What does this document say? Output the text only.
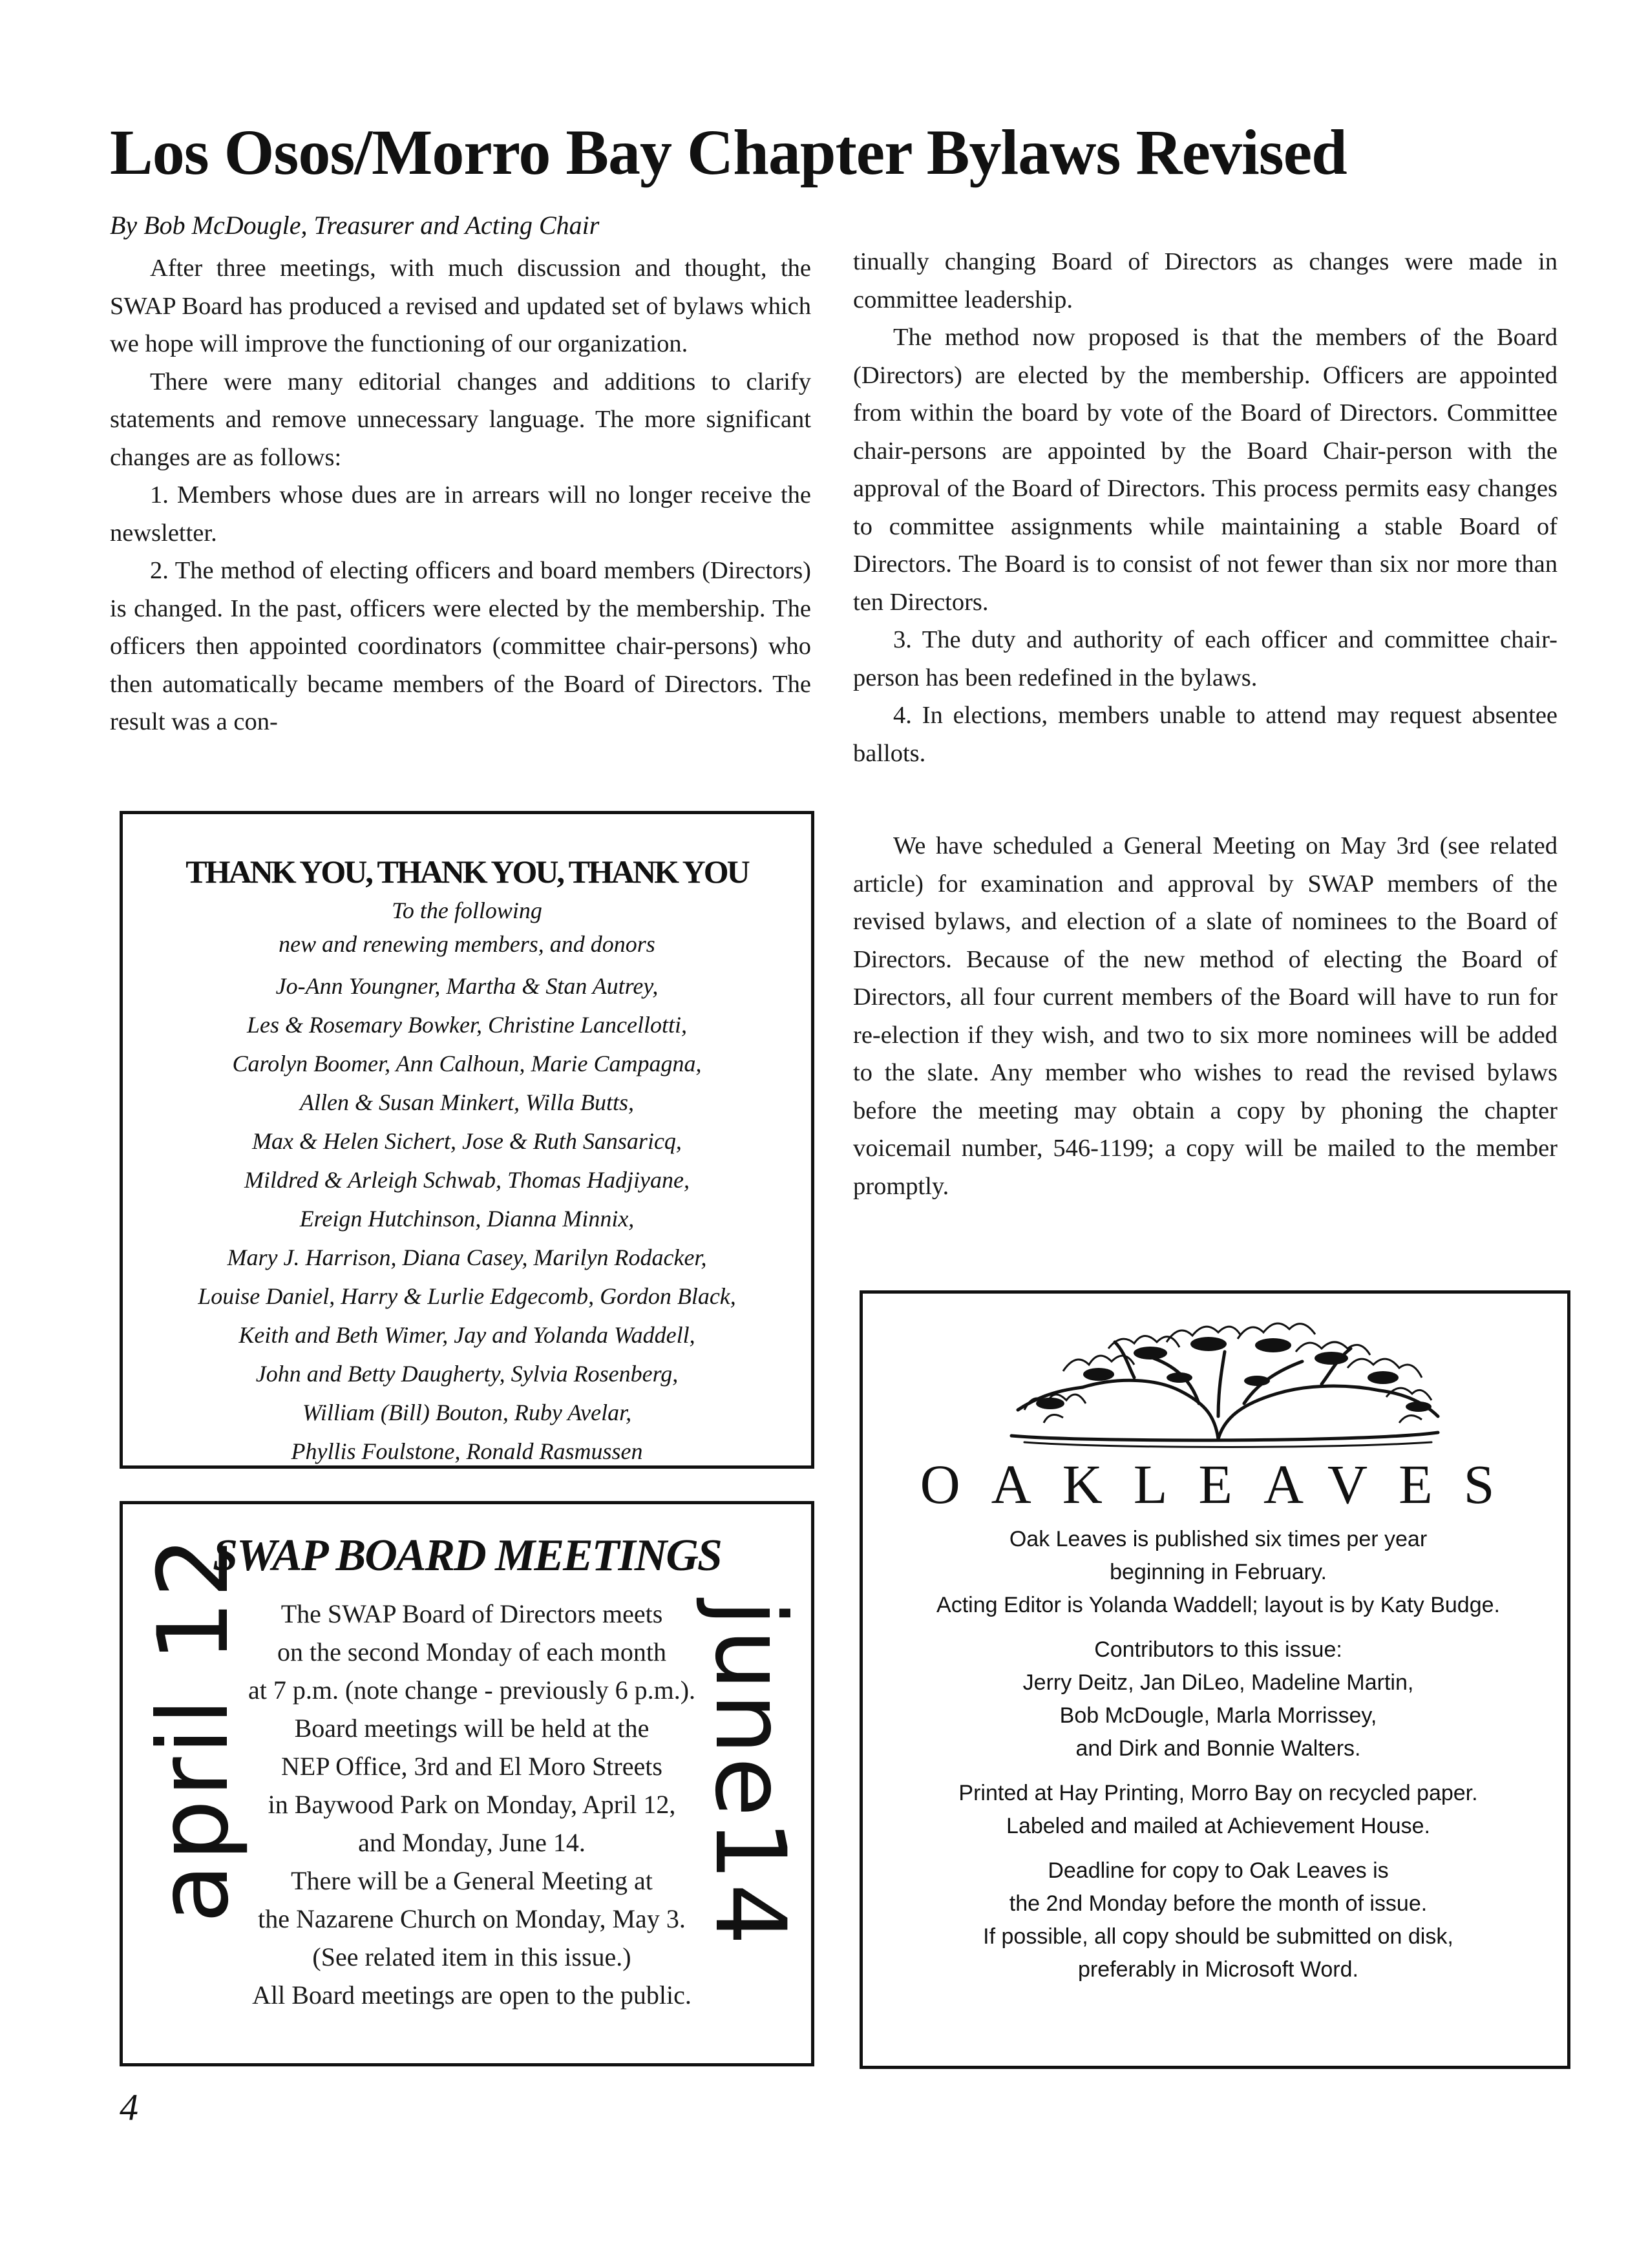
Los Osos/Morro Bay Chapter Bylaws Revised
By Bob McDougle, Treasurer and Acting Chair

After three meetings, with much discussion and thought, the SWAP Board has produced a revised and updated set of bylaws which we hope will improve the functioning of our organization.

There were many editorial changes and additions to clarify statements and remove unnecessary language. The more significant changes are as follows:

1. Members whose dues are in arrears will no longer receive the newsletter.

2. The method of electing officers and board members (Directors) is changed. In the past, officers were elected by the membership. The officers then appointed coordinators (committee chair-persons) who then automatically became members of the Board of Directors. The result was a con-

tinually changing Board of Directors as changes were made in committee leadership.

The method now proposed is that the members of the Board (Directors) are elected by the membership. Officers are appointed from within the board by vote of the Board of Directors. Committee chair-persons are appointed by the Board Chair-person with the approval of the Board of Directors. This process permits easy changes to committee assignments while maintaining a stable Board of Directors. The Board is to consist of not fewer than six nor more than ten Directors.

3. The duty and authority of each officer and committee chair-person has been redefined in the bylaws.

4. In elections, members unable to attend may request absentee ballots.

We have scheduled a General Meeting on May 3rd (see related article) for examination and approval by SWAP members of the revised bylaws, and election of a slate of nominees to the Board of Directors. Because of the new method of electing the Board of Directors, all four current members of the Board will have to run for re-election if they wish, and two to six more nominees will be added to the slate. Any member who wishes to read the revised bylaws before the meeting may obtain a copy by phoning the chapter voicemail number, 546-1199; a copy will be mailed to the member promptly.

THANK YOU, THANK YOU, THANK YOU
To the following
new and renewing members, and donors
Jo-Ann Youngner, Martha & Stan Autrey,
Les & Rosemary Bowker, Christine Lancellotti,
Carolyn Boomer, Ann Calhoun, Marie Campagna,
Allen & Susan Minkert, Willa Butts,
Max & Helen Sichert, Jose & Ruth Sansaricq,
Mildred & Arleigh Schwab, Thomas Hadjiyane,
Ereign Hutchinson, Dianna Minnix,
Mary J. Harrison, Diana Casey, Marilyn Rodacker,
Louise Daniel, Harry & Lurlie Edgecomb, Gordon Black,
Keith and Beth Wimer, Jay and Yolanda Waddell,
John and Betty Daugherty, Sylvia Rosenberg,
William (Bill) Bouton, Ruby Avelar,
Phyllis Foulstone, Ronald Rasmussen
SWAP BOARD MEETINGS
april 12	june14
The SWAP Board of Directors meets
on the second Monday of each month
at 7 p.m. (note change - previously 6 p.m.).
Board meetings will be held at the
NEP Office, 3rd and El Moro Streets
in Baywood Park on Monday, April 12,
and Monday, June 14.
There will be a General Meeting at
the Nazarene Church on Monday, May 3.
(See related item in this issue.)
All Board meetings are open to the public.
OAKLEAVES
Oak Leaves is published six times per year
beginning in February.
Acting Editor is Yolanda Waddell; layout is by Katy Budge.
Contributors to this issue:
Jerry Deitz, Jan DiLeo, Madeline Martin,
Bob McDougle, Marla Morrissey,
and Dirk and Bonnie Walters.
Printed at Hay Printing, Morro Bay on recycled paper.
Labeled and mailed at Achievement House.
Deadline for copy to Oak Leaves is
the 2nd Monday before the month of issue.
If possible, all copy should be submitted on disk,
preferably in Microsoft Word.
4
